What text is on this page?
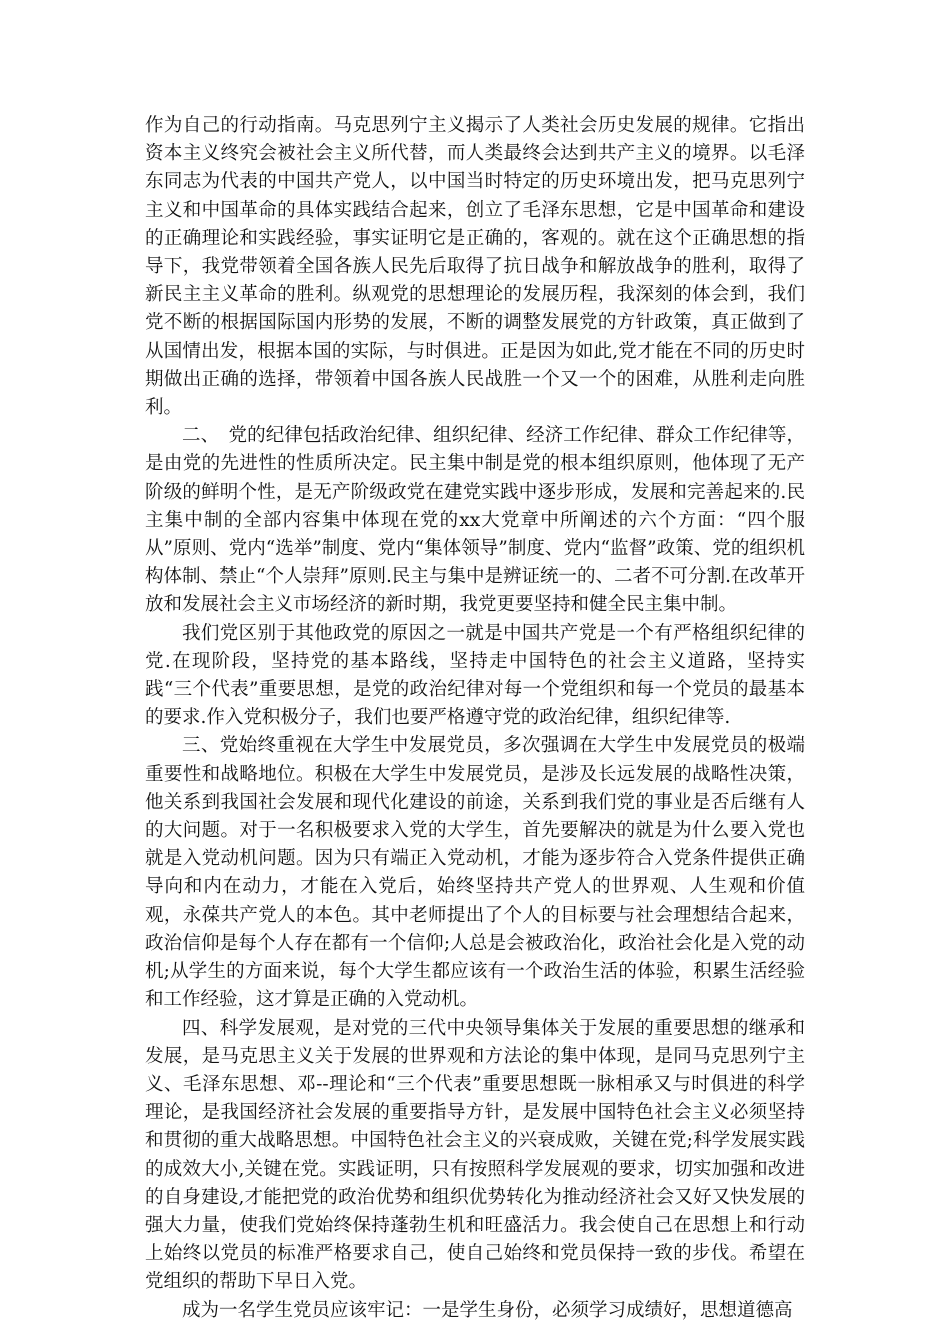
作为自己的行动指南。马克思列宁主义揭示了人类社会历史发展的规律。它指出资本主义终究会被社会主义所代替，而人类最终会达到共产主义的境界。以毛泽东同志为代表的中国共产党人，以中国当时特定的历史环境出发，把马克思列宁主义和中国革命的具体实践结合起来，创立了毛泽东思想，它是中国革命和建设的正确理论和实践经验，事实证明它是正确的，客观的。就在这个正确思想的指导下，我党带领着全国各族人民先后取得了抗日战争和解放战争的胜利，取得了新民主主义革命的胜利。纵观党的思想理论的发展历程，我深刻的体会到，我们党不断的根据国际国内形势的发展，不断的调整发展党的方针政策，真正做到了从国情出发，根据本国的实际，与时俱进。正是因为如此,党才能在不同的历史时期做出正确的选择，带领着中国各族人民战胜一个又一个的困难，从胜利走向胜利。

二、　党的纪律包括政治纪律、组织纪律、经济工作纪律、群众工作纪律等，是由党的先进性的性质所决定。民主集中制是党的根本组织原则，他体现了无产阶级的鲜明个性，是无产阶级政党在建党实践中逐步形成，发展和完善起来的.民主集中制的全部内容集中体现在党的xx大党章中所阐述的六个方面：“四个服从”原则、党内“选举”制度、党内“集体领导”制度、党内“监督”政策、党的组织机构体制、禁止“个人崇拜”原则.民主与集中是辨证统一的、二者不可分割.在改革开放和发展社会主义市场经济的新时期，我党更要坚持和健全民主集中制。

我们党区别于其他政党的原因之一就是中国共产党是一个有严格组织纪律的党.在现阶段，坚持党的基本路线，坚持走中国特色的社会主义道路，坚持实践“三个代表”重要思想，是党的政治纪律对每一个党组织和每一个党员的最基本的要求.作入党积极分子，我们也要严格遵守党的政治纪律，组织纪律等.

三、党始终重视在大学生中发展党员，多次强调在大学生中发展党员的极端重要性和战略地位。积极在大学生中发展党员，是涉及长远发展的战略性决策，他关系到我国社会发展和现代化建设的前途，关系到我们党的事业是否后继有人的大问题。对于一名积极要求入党的大学生，首先要解决的就是为什么要入党也就是入党动机问题。因为只有端正入党动机，才能为逐步符合入党条件提供正确导向和内在动力，才能在入党后，始终坚持共产党人的世界观、人生观和价值观，永葆共产党人的本色。其中老师提出了个人的目标要与社会理想结合起来，政治信仰是每个人存在都有一个信仰;人总是会被政治化，政治社会化是入党的动机;从学生的方面来说，每个大学生都应该有一个政治生活的体验，积累生活经验和工作经验，这才算是正确的入党动机。

四、科学发展观，是对党的三代中央领导集体关于发展的重要思想的继承和发展，是马克思主义关于发展的世界观和方法论的集中体现，是同马克思列宁主义、毛泽东思想、邓--理论和“三个代表”重要思想既一脉相承又与时俱进的科学理论，是我国经济社会发展的重要指导方针，是发展中国特色社会主义必须坚持和贯彻的重大战略思想。中国特色社会主义的兴衰成败，关键在党;科学发展实践的成效大小,关键在党。实践证明，只有按照科学发展观的要求，切实加强和改进的自身建设,才能把党的政治优势和组织优势转化为推动经济社会又好又快发展的强大力量，使我们党始终保持蓬勃生机和旺盛活力。我会使自己在思想上和行动上始终以党员的标准严格要求自己，使自己始终和党员保持一致的步伐。希望在党组织的帮助下早日入党。

成为一名学生党员应该牢记：一是学生身份，必须学习成绩好，思想道德高
